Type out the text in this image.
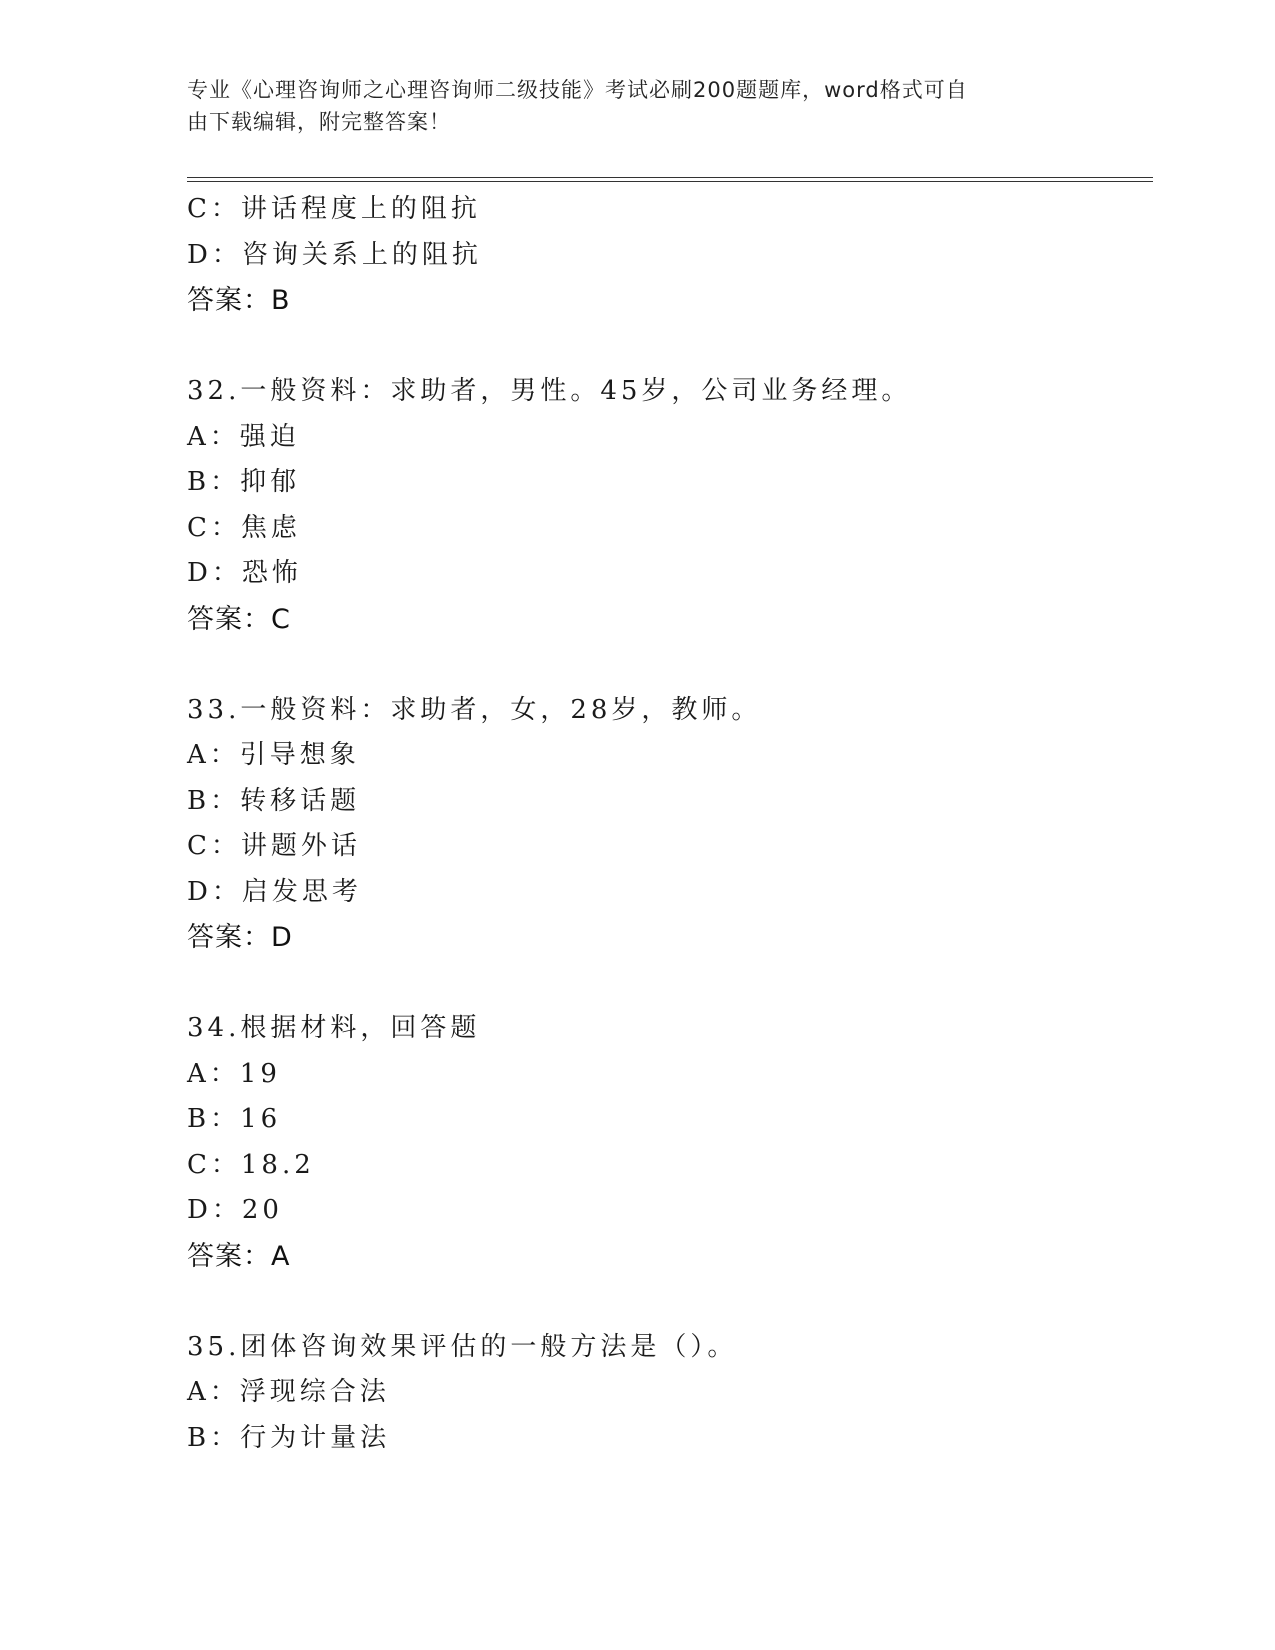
专业《心理咨询师之心理咨询师二级技能》考试必刷200题题库，word格式可自
由下载编辑，附完整答案！
C：讲话程度上的阻抗
D：咨询关系上的阻抗
答案：B
32.一般资料：求助者，男性。45岁，公司业务经理。
A：强迫
B：抑郁
C：焦虑
D：恐怖
答案：C
33.一般资料：求助者，女，28岁，教师。
A：引导想象
B：转移话题
C：讲题外话
D：启发思考
答案：D
34.根据材料，回答题
A：19
B：16
C：18.2
D：20
答案：A
35.团体咨询效果评估的一般方法是（）。
A：浮现综合法
B：行为计量法
